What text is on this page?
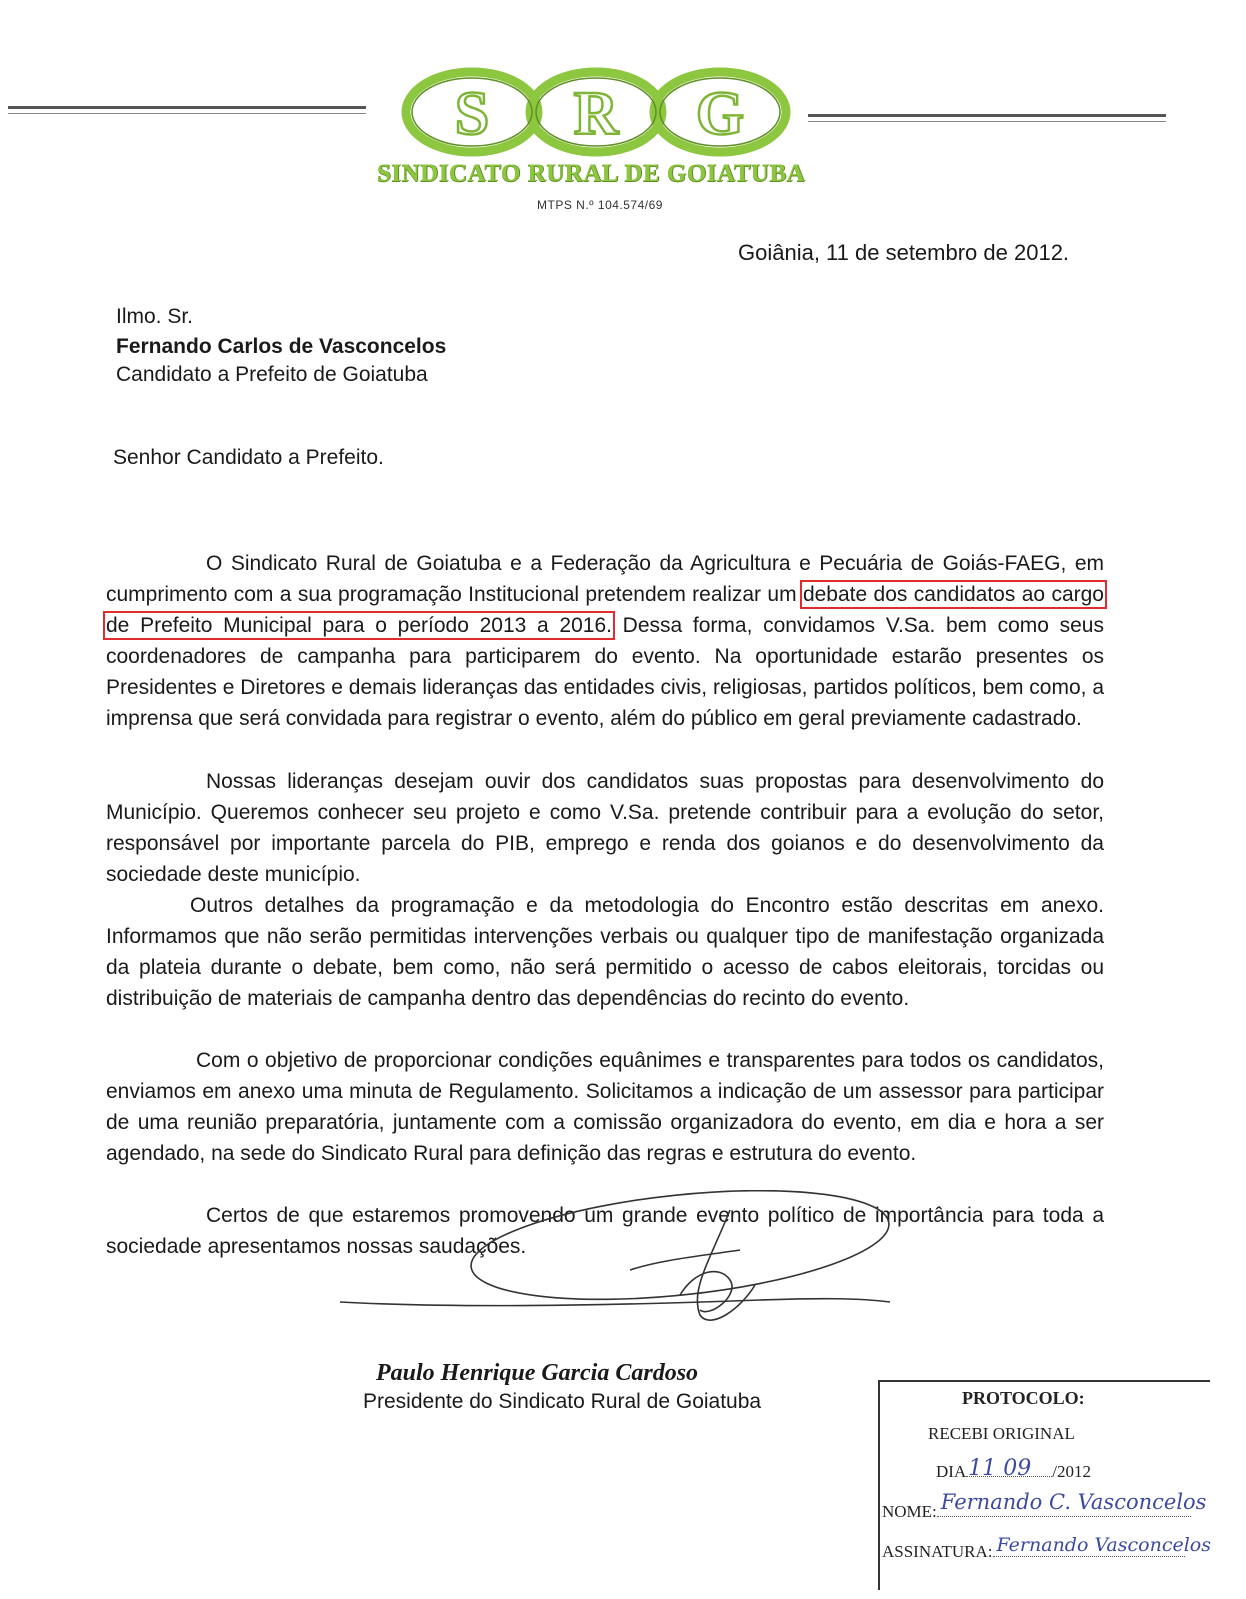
S R G
SINDICATO RURAL DE GOIATUBA
MTPS N.º 104.574/69
Goiânia, 11 de setembro de 2012.
Ilmo. Sr.
Fernando Carlos de Vasconcelos
Candidato a Prefeito de Goiatuba
Senhor Candidato a Prefeito.
O Sindicato Rural de Goiatuba e a Federação da Agricultura e Pecuária de Goiás-FAEG, em cumprimento com a sua programação Institucional pretendem realizar um debate dos candidatos ao cargo de Prefeito Municipal para o período 2013 a 2016. Dessa forma, convidamos V.Sa. bem como seus coordenadores de campanha para participarem do evento. Na oportunidade estarão presentes os Presidentes e Diretores e demais lideranças das entidades civis, religiosas, partidos políticos, bem como, a imprensa que será convidada para registrar o evento, além do público em geral previamente cadastrado.
Nossas lideranças desejam ouvir dos candidatos suas propostas para desenvolvimento do Município. Queremos conhecer seu projeto e como V.Sa. pretende contribuir para a evolução do setor, responsável por importante parcela do PIB, emprego e renda dos goianos e do desenvolvimento da sociedade deste município.
Outros detalhes da programação e da metodologia do Encontro estão descritas em anexo. Informamos que não serão permitidas intervenções verbais ou qualquer tipo de manifestação organizada da plateia durante o debate, bem como, não será permitido o acesso de cabos eleitorais, torcidas ou distribuição de materiais de campanha dentro das dependências do recinto do evento.
Com o objetivo de proporcionar condições equânimes e transparentes para todos os candidatos, enviamos em anexo uma minuta de Regulamento. Solicitamos a indicação de um assessor para participar de uma reunião preparatória, juntamente com a comissão organizadora do evento, em dia e hora a ser agendado, na sede do Sindicato Rural para definição das regras e estrutura do evento.
Certos de que estaremos promovendo um grande evento político de importância para toda a sociedade apresentamos nossas saudações.
Paulo Henrique Garcia Cardoso
Presidente do Sindicato Rural de Goiatuba	PROTOCOLO:
RECEBI ORIGINAL
DIA 11 09 /2012
NOME: Fernando C. Vasconcelos
ASSINATURA: Fernando Vasconcelos
